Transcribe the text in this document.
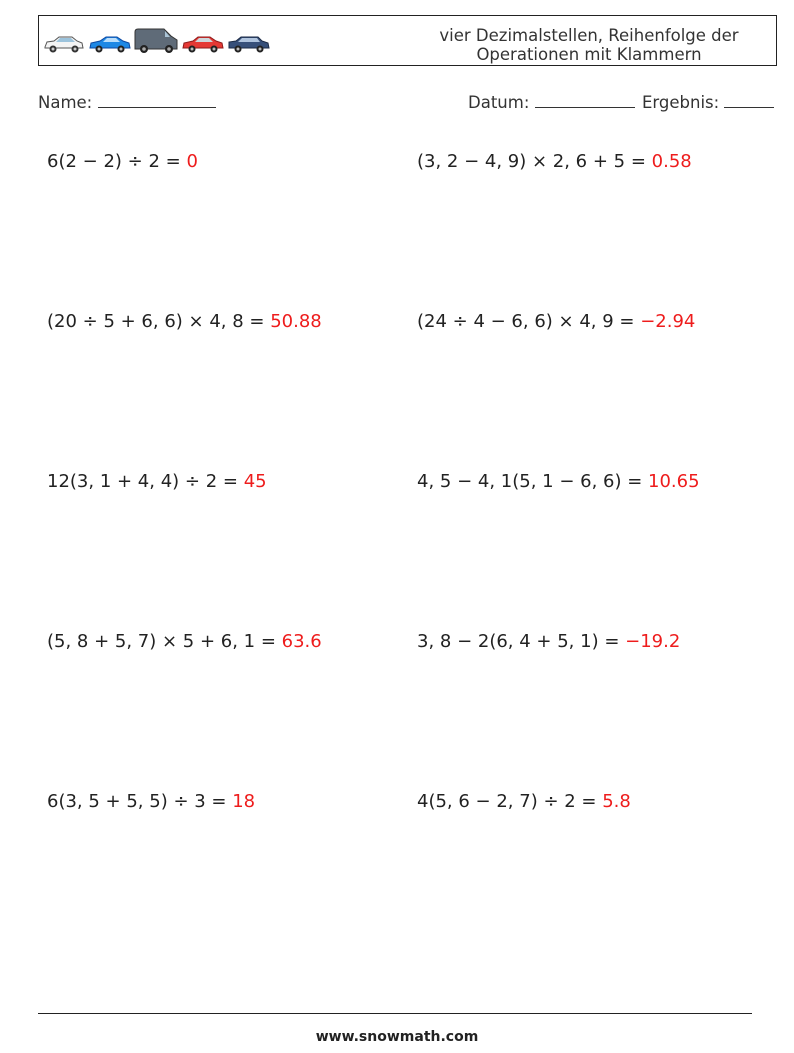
vier Dezimalstellen, Reihenfolge der
Operationen mit Klammern
Name:	Datum:	Ergebnis:
6(2 − 2) ÷ 2 = 0	(3, 2 − 4, 9) × 2, 6 + 5 = 0.58
(20 ÷ 5 + 6, 6) × 4, 8 = 50.88	(24 ÷ 4 − 6, 6) × 4, 9 = −2.94
12(3, 1 + 4, 4) ÷ 2 = 45	4, 5 − 4, 1(5, 1 − 6, 6) = 10.65
(5, 8 + 5, 7) × 5 + 6, 1 = 63.6	3, 8 − 2(6, 4 + 5, 1) = −19.2
6(3, 5 + 5, 5) ÷ 3 = 18	4(5, 6 − 2, 7) ÷ 2 = 5.8
www.snowmath.com
